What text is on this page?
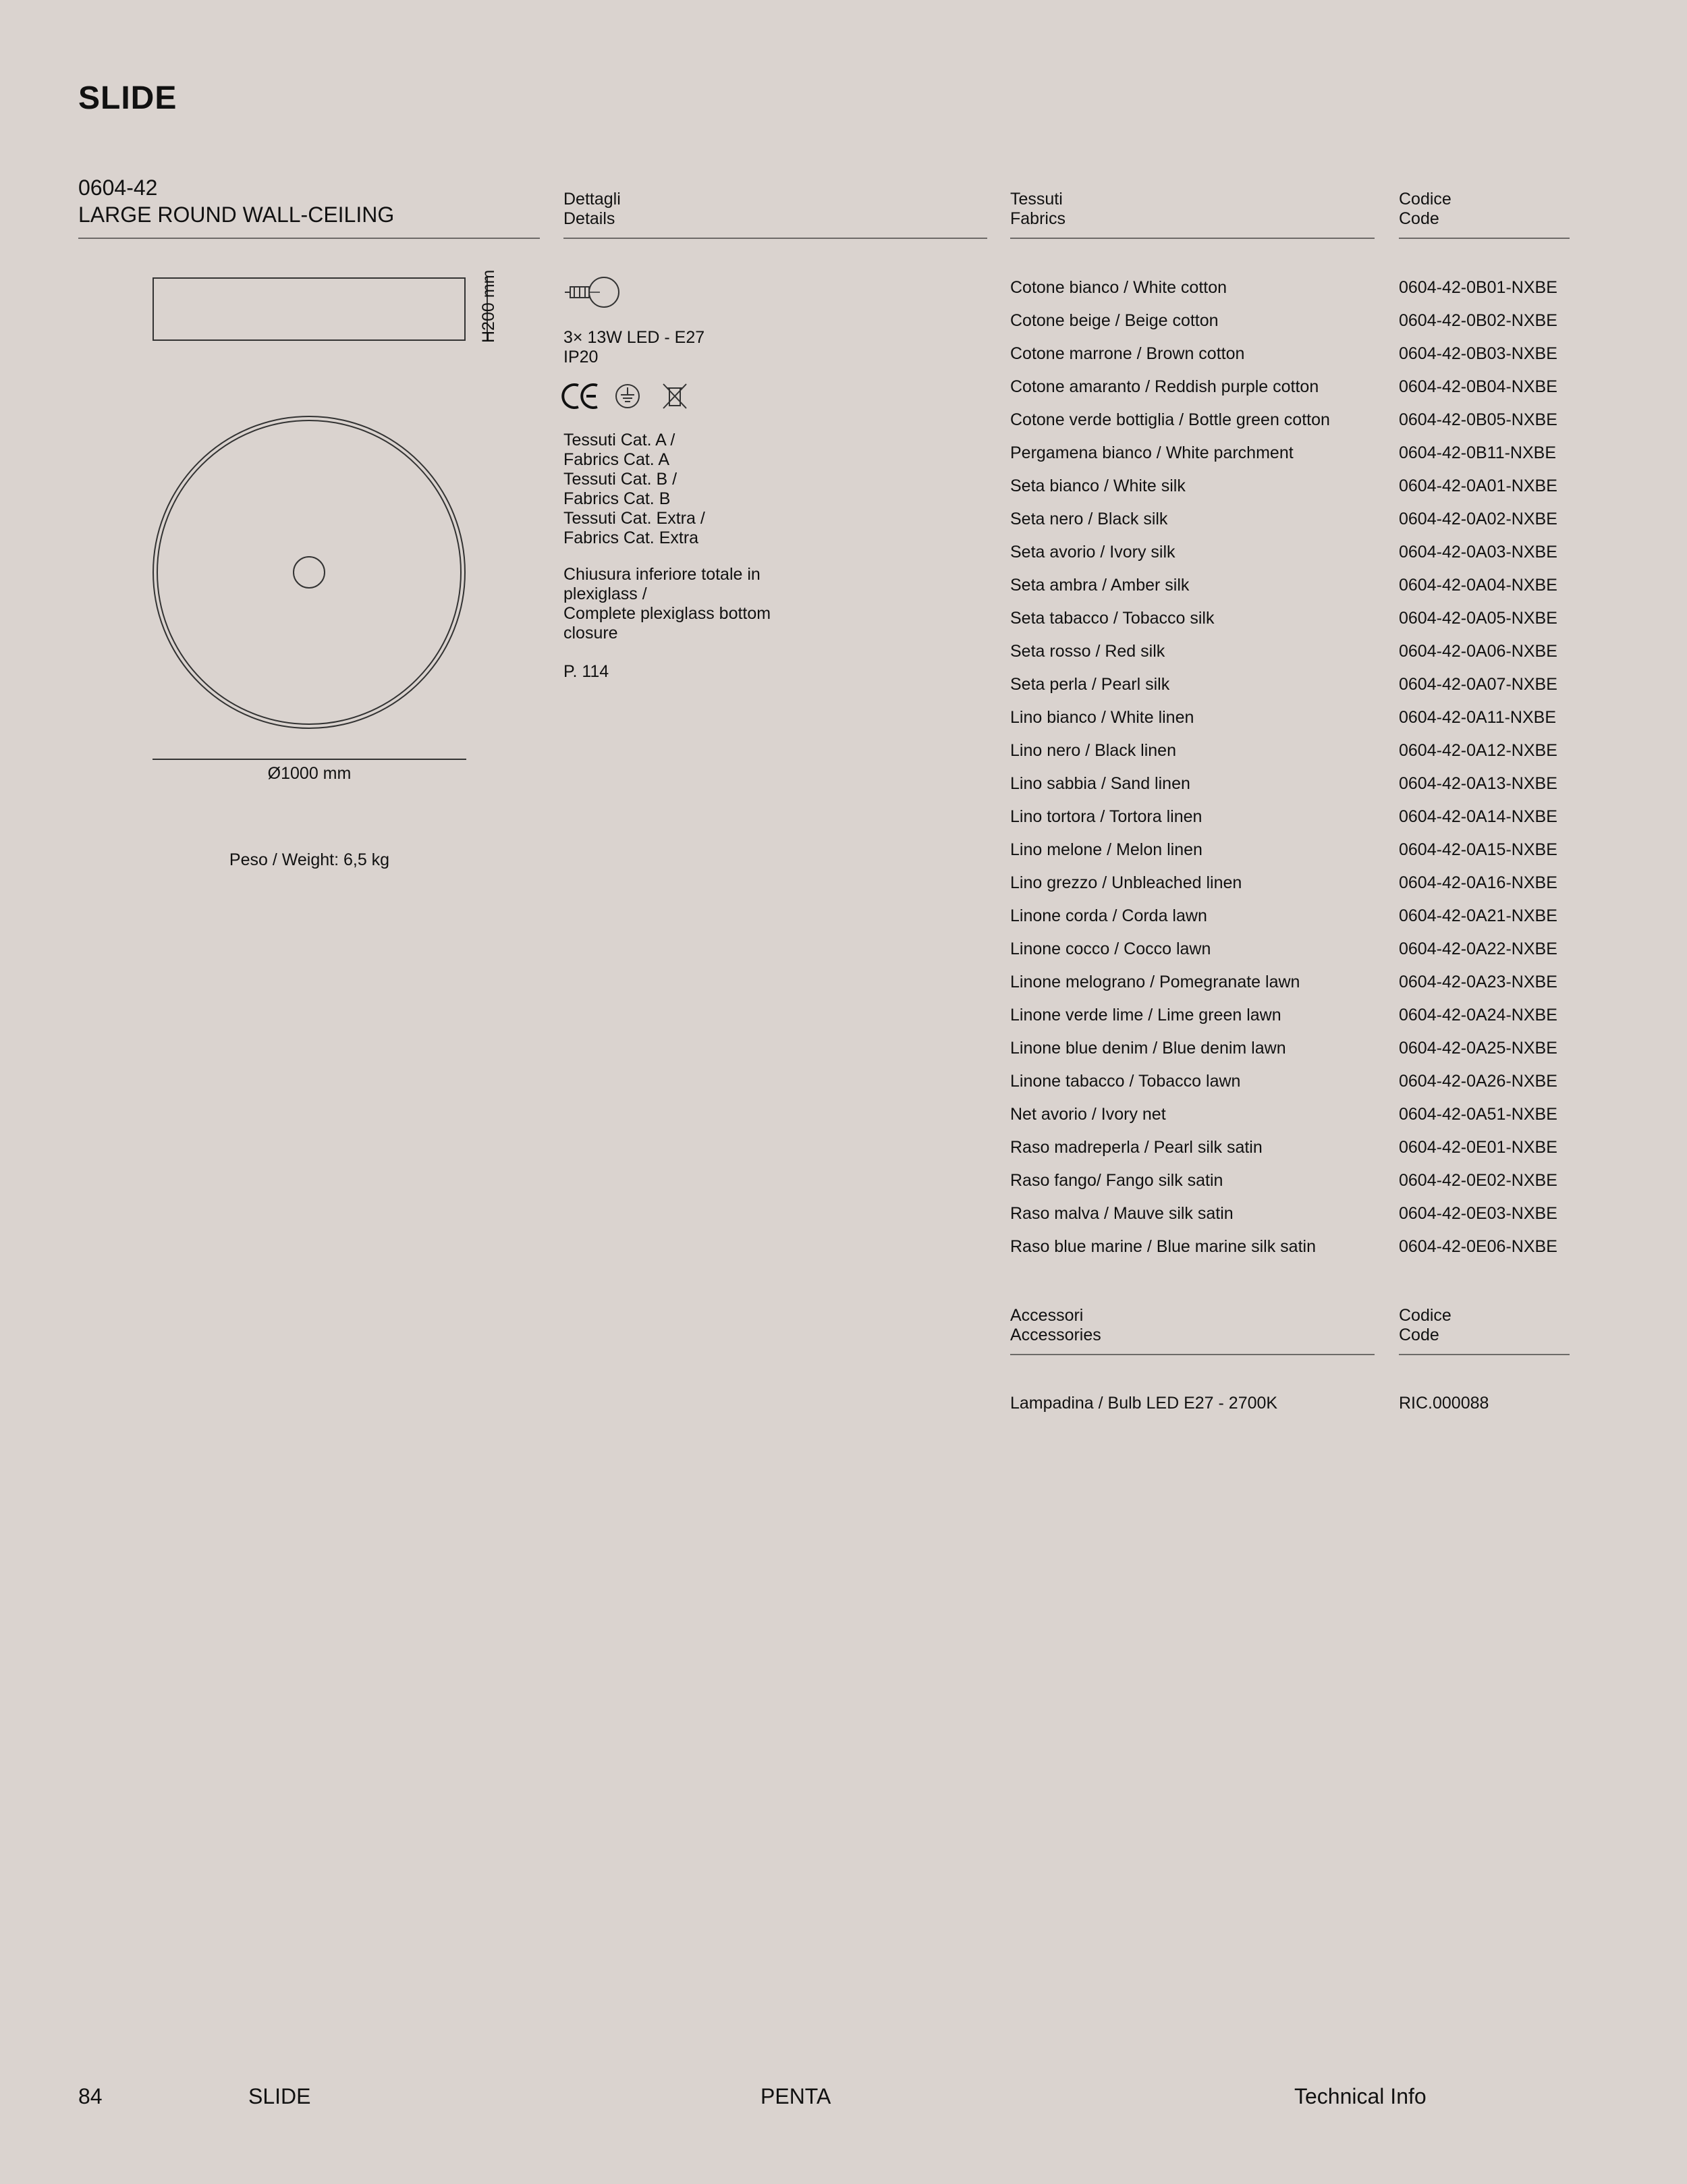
SLIDE
0604-42
LARGE ROUND WALL-CEILING
Dettagli
Details
Tessuti
Fabrics
Codice
Code
H200 mm
Ø1000 mm
Peso / Weight: 6,5 kg
3× 13W LED - E27
IP20
Tessuti Cat. A /
Fabrics Cat. A
Tessuti Cat. B /
Fabrics Cat. B
Tessuti Cat. Extra /
Fabrics Cat. Extra
Chiusura inferiore totale in
plexiglass /
Complete plexiglass bottom
closure
P. 114
Cotone bianco / White cotton	0604-42-0B01-NXBE
Cotone beige / Beige cotton	0604-42-0B02-NXBE
Cotone marrone / Brown cotton	0604-42-0B03-NXBE
Cotone amaranto / Reddish purple cotton	0604-42-0B04-NXBE
Cotone verde bottiglia / Bottle green cotton	0604-42-0B05-NXBE
Pergamena bianco / White parchment	0604-42-0B11-NXBE
Seta bianco / White silk	0604-42-0A01-NXBE
Seta nero / Black silk	0604-42-0A02-NXBE
Seta avorio / Ivory silk	0604-42-0A03-NXBE
Seta ambra / Amber silk	0604-42-0A04-NXBE
Seta tabacco / Tobacco silk	0604-42-0A05-NXBE
Seta rosso / Red silk	0604-42-0A06-NXBE
Seta perla / Pearl silk	0604-42-0A07-NXBE
Lino bianco / White linen	0604-42-0A11-NXBE
Lino nero / Black linen	0604-42-0A12-NXBE
Lino sabbia / Sand linen	0604-42-0A13-NXBE
Lino tortora / Tortora linen	0604-42-0A14-NXBE
Lino melone / Melon linen	0604-42-0A15-NXBE
Lino grezzo / Unbleached linen	0604-42-0A16-NXBE
Linone corda / Corda lawn	0604-42-0A21-NXBE
Linone cocco / Cocco lawn	0604-42-0A22-NXBE
Linone melograno / Pomegranate lawn	0604-42-0A23-NXBE
Linone verde lime / Lime green lawn	0604-42-0A24-NXBE
Linone blue denim / Blue denim lawn	0604-42-0A25-NXBE
Linone tabacco / Tobacco lawn	0604-42-0A26-NXBE
Net avorio / Ivory net	0604-42-0A51-NXBE
Raso madreperla / Pearl silk satin	0604-42-0E01-NXBE
Raso fango/ Fango silk satin	0604-42-0E02-NXBE
Raso malva / Mauve silk satin	0604-42-0E03-NXBE
Raso blue marine / Blue marine silk satin	0604-42-0E06-NXBE
Accessori
Accessories
Codice
Code
Lampadina / Bulb LED E27 - 2700K	RIC.000088
84	SLIDE	PENTA	Technical Info
